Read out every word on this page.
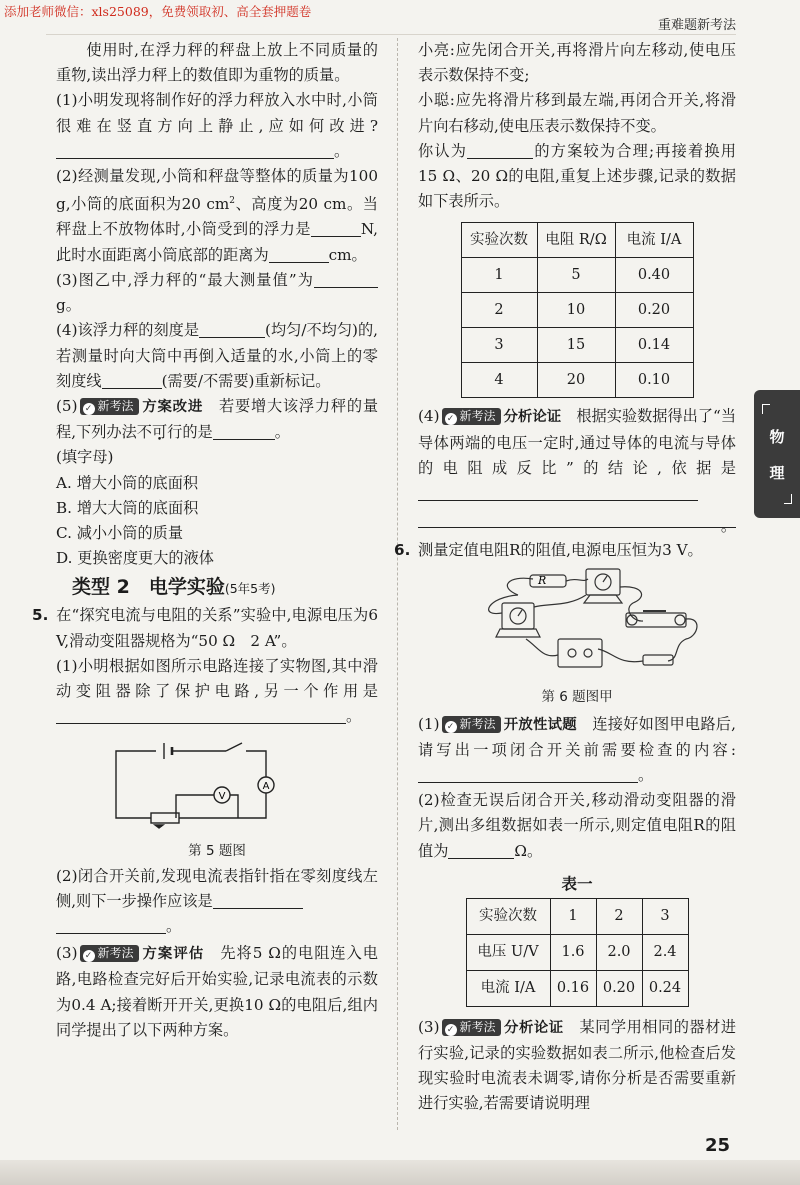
添加老师微信：xls25089，免费领取初、高全套押题卷
重难题新考法
使用时,在浮力秤的秤盘上放上不同质量的重物,读出浮力秤上的数值即为重物的质量。
(1)小明发现将制作好的浮力秤放入水中时,小筒很难在竖直方向上静止,应如何改进?。
(2)经测量发现,小筒和秤盘等整体的质量为100 g,小筒的底面积为20 $cm^2$、高度为20 cm。当秤盘上不放物体时,小筒受到的浮力是	N,此时水面距离小筒底部的距离为	cm。
(3)图乙中,浮力秤的“最大测量值”为g。
(4)该浮力秤的刻度是	(均匀/不均匀)的,若测量时向大筒中再倒入适量的水,小筒上的零刻度线	(需要/不需要)重新标记。
(5) ✓ 新考法 方案改进　 若要增大该浮力秤的量程,下列办法不可行的是	。
(填字母)
A. 增大小筒的底面积
B. 增大大筒的底面积
C. 减小小筒的质量
D. 更换密度更大的液体
类型 2　电学实验(5年5考)
5. 在“探究电流与电阻的关系”实验中,电源电压为6 V,滑动变阻器规格为“50 Ω　2 A”。
(1)小明根据如图所示电路连接了实物图,其中滑动变阻器除了保护电路,另一个作用是。
A
V
第 5 题图
(2)闭合开关前,发现电流表指针指在零刻度线左侧,则下一步操作应该是
。
(3) ✓ 新考法 方案评估　 先将5 Ω的电阻连入电路,电路检查完好后开始实验,记录电流表的示数为0.4 A;接着断开开关,更换10 Ω的电阻后,组内同学提出了以下两种方案。
小亮:应先闭合开关,再将滑片向左移动,使电压表示数保持不变;
小聪:应先将滑片移到最左端,再闭合开关,将滑片向右移动,使电压表示数保持不变。
你认为	的方案较为合理;再接着换用15 Ω、20 Ω的电阻,重复上述步骤,记录的数据如下表所示。
实验次数	电阻 R/Ω	电流 I/A
1	5	0.40
2	10	0.20
3	15	0.14
4	20	0.10
(4) ✓ 新考法 分析论证　 根据实验数据得出了“当导体两端的电压一定时,通过导体的电流与导体的电阻成反比”的结论,依据是
。
6. 测量定值电阻R的阻值,电源电压恒为3 V。
R
第 6 题图甲
(1) ✓ 新考法 开放性试题　 连接好如图甲电路后,请写出一项闭合开关前需要检查的内容:。
(2)检查无误后闭合开关,移动滑动变阻器的滑片,测出多组数据如表一所示,则定值电阻R的阻值为	Ω。
表一
实验次数	1	2	3
电压 U/V	1.6	2.0	2.4
电流 I/A	0.16	0.20	0.24
(3) ✓ 新考法 分析论证　 某同学用相同的器材进行实验,记录的实验数据如表二所示,他检查后发现实验时电流表未调零,请你分析是否需要重新进行实验,若需要请说明理
物
理
25
